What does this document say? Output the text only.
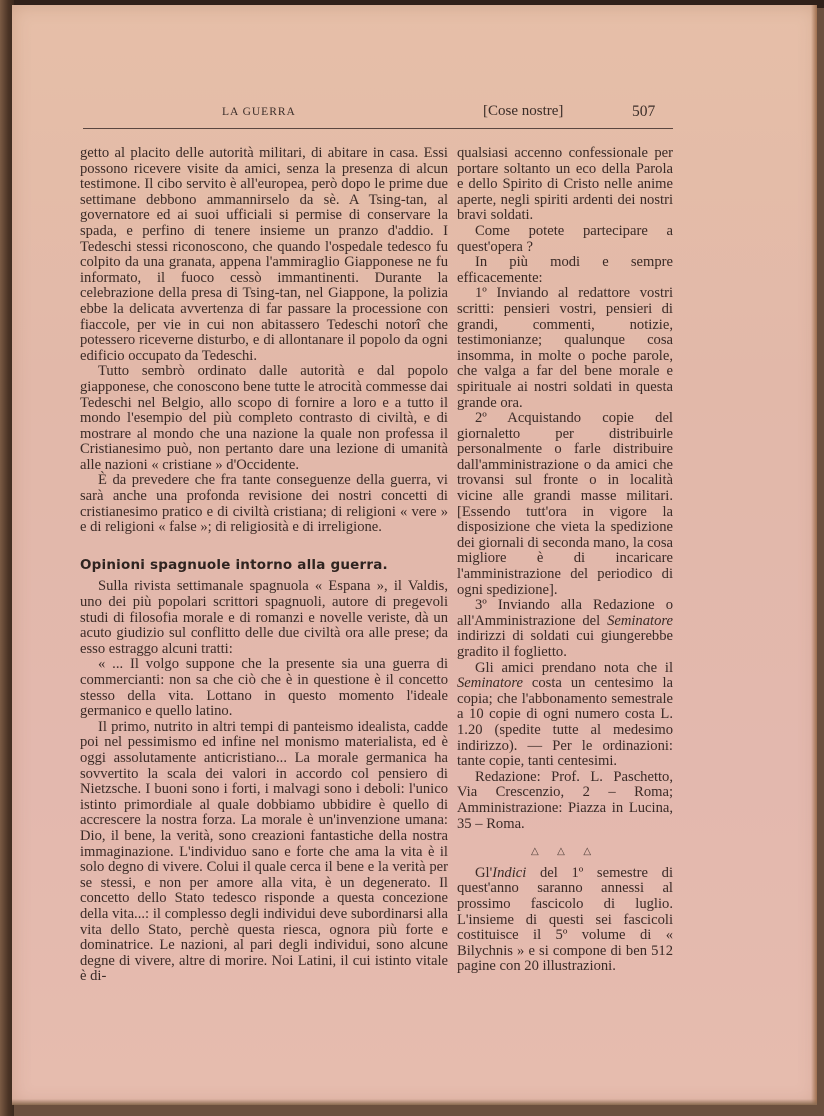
LA GUERRA	[Cose nostre]	507

getto al placito delle autorità militari, di abitare in casa. Essi possono ricevere visite da amici, senza la presenza di alcun testimone. Il cibo servito è all'europea, però dopo le prime due settimane debbono ammannirselo da sè. A Tsing-tan, al governatore ed ai suoi ufficiali si permise di conservare la spada, e perfino di tenere insieme un pranzo d'addio. I Tedeschi stessi riconoscono, che quando l'ospedale tedesco fu colpito da una granata, appena l'ammiraglio Giapponese ne fu informato, il fuoco cessò immantinenti. Durante la celebrazione della presa di Tsing-tan, nel Giappone, la polizia ebbe la delicata avvertenza di far passare la processione con fiaccole, per vie in cui non abitassero Tedeschi notorî che potessero riceverne disturbo, e di allontanare il popolo da ogni edificio occupato da Tedeschi.

Tutto sembrò ordinato dalle autorità e dal popolo giapponese, che conoscono bene tutte le atrocità commesse dai Tedeschi nel Belgio, allo scopo di fornire a loro e a tutto il mondo l'esempio del più completo contrasto di civiltà, e di mostrare al mondo che una nazione la quale non professa il Cristianesimo può, non pertanto dare una lezione di umanità alle nazioni « cristiane » d'Occidente.

È da prevedere che fra tante conseguenze della guerra, vi sarà anche una profonda revisione dei nostri concetti di cristianesimo pratico e di civiltà cristiana; di religioni « vere » e di religioni « false »; di religiosità e di irreligione.

Opinioni spagnuole intorno alla guerra.

Sulla rivista settimanale spagnuola « Espana », il Valdis, uno dei più popolari scrittori spagnuoli, autore di pregevoli studi di filosofia morale e di romanzi e novelle veriste, dà un acuto giudizio sul conflitto delle due civiltà ora alle prese; da esso estraggo alcuni tratti:

« ... Il volgo suppone che la presente sia una guerra di commercianti: non sa che ciò che è in questione è il concetto stesso della vita. Lottano in questo momento l'ideale germanico e quello latino.

Il primo, nutrito in altri tempi di panteismo idealista, cadde poi nel pessimismo ed infine nel monismo materialista, ed è oggi assolutamente anticristiano... La morale germanica ha sovvertito la scala dei valori in accordo col pensiero di Nietzsche. I buoni sono i forti, i malvagi sono i deboli: l'unico istinto primordiale al quale dobbiamo ubbidire è quello di accrescere la nostra forza. La morale è un'invenzione umana: Dio, il bene, la verità, sono creazioni fantastiche della nostra immaginazione. L'individuo sano e forte che ama la vita è il solo degno di vivere. Colui il quale cerca il bene e la verità per se stessi, e non per amore alla vita, è un degenerato. Il concetto dello Stato tedesco risponde a questa concezione della vita...: il complesso degli individui deve subordinarsi alla vita dello Stato, perchè questa riesca, ognora più forte e dominatrice. Le nazioni, al pari degli individui, sono alcune degne di vivere, altre di morire. Noi Latini, il cui istinto vitale è di-

qualsiasi accenno confessionale per portare soltanto un eco della Parola e dello Spirito di Cristo nelle anime aperte, negli spiriti ardenti dei nostri bravi soldati.

Come potete partecipare a quest'opera ?

In più modi e sempre efficacemente:

1º Inviando al redattore vostri scritti: pensieri vostri, pensieri di grandi, commenti, notizie, testimonianze; qualunque cosa insomma, in molte o poche parole, che valga a far del bene morale e spirituale ai nostri soldati in questa grande ora.

2º Acquistando copie del giornaletto per distribuirle personalmente o farle distribuire dall'amministrazione o da amici che trovansi sul fronte o in località vicine alle grandi masse militari. [Essendo tutt'ora in vigore la disposizione che vieta la spedizione dei giornali di seconda mano, la cosa migliore è di incaricare l'amministrazione del periodico di ogni spedizione].

3º Inviando alla Redazione o all'Amministrazione del Seminatore indirizzi di soldati cui giungerebbe gradito il foglietto.

Gli amici prendano nota che il Seminatore costa un centesimo la copia; che l'abbonamento semestrale a 10 copie di ogni numero costa L. 1.20 (spedite tutte al medesimo indirizzo). — Per le ordinazioni: tante copie, tanti centesimi.

Redazione: Prof. L. Paschetto, Via Crescenzio, 2 – Roma; Amministrazione: Piazza in Lucina, 35 – Roma.

△ △ △

Gl'Indici del 1º semestre di quest'anno saranno annessi al prossimo fascicolo di luglio. L'insieme di questi sei fascicoli costituisce il 5º volume di « Bilychnis » e si compone di ben 512 pagine con 20 illustrazioni.
